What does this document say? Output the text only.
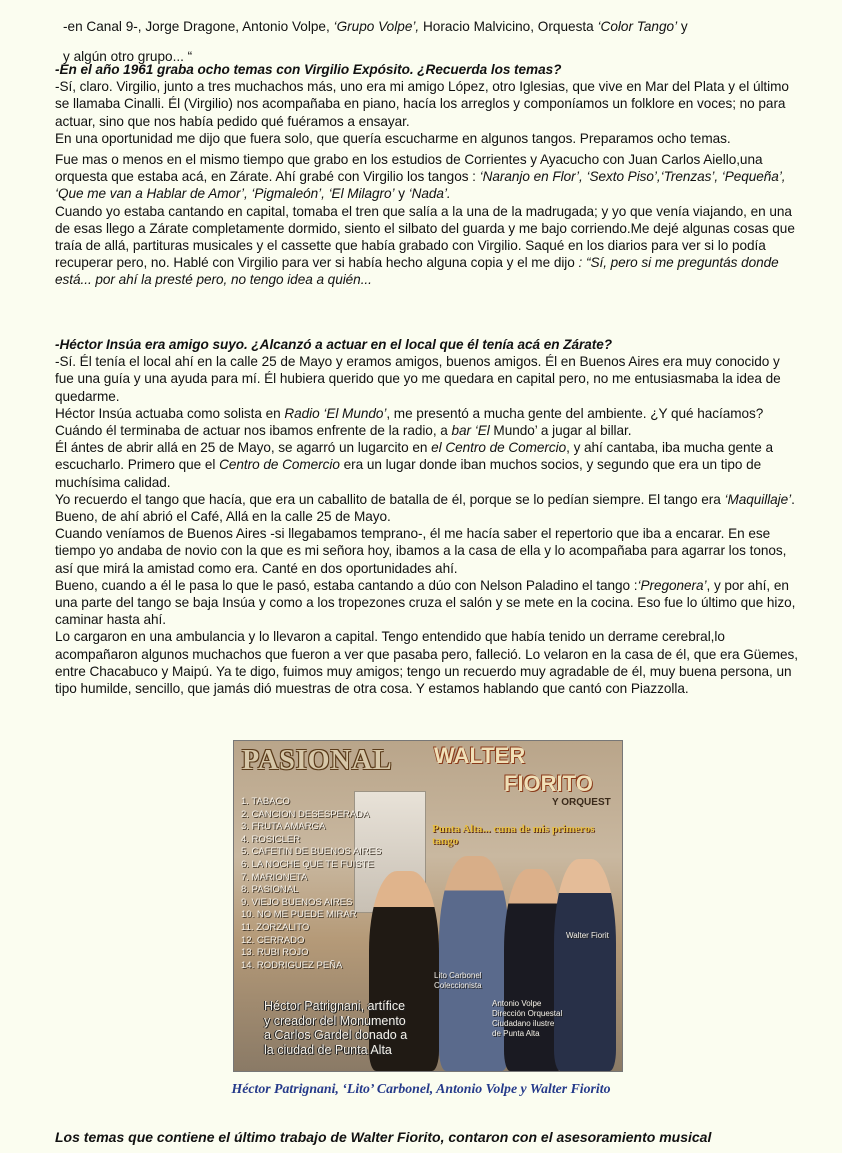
-en Canal 9-, Jorge Dragone, Antonio Volpe, ‘Grupo Volpe’, Horacio Malvicino, Orquesta ‘Color Tango’ y

y algún otro grupo... “

-En el año 1961 graba ocho temas con Virgilio Expósito. ¿Recuerda los temas?

-Sí, claro. Virgilio, junto a tres muchachos más, uno era mi amigo López, otro Iglesias, que vive en Mar del Plata y el último se llamaba Cinalli. Él (Virgilio) nos acompañaba en piano, hacía los arreglos y componíamos un folklore en voces; no para actuar, sino que nos había pedido qué fuéramos a ensayar.

En una oportunidad me dijo que fuera solo, que quería escucharme en algunos tangos. Preparamos ocho temas.

Fue mas o menos en el mismo tiempo que grabo en los estudios de Corrientes y Ayacucho con Juan Carlos Aiello,una orquesta que estaba acá, en Zárate. Ahí grabé con Virgilio los tangos : ‘Naranjo en Flor’, ‘Sexto Piso’,‘Trenzas’, ‘Pequeña’, ‘Que me van a Hablar de Amor’, ‘Pigmaleón’, ‘El Milagro’ y ‘Nada’.

Cuando yo estaba cantando en capital, tomaba el tren que salía a la una de la madrugada; y yo que venía viajando, en una de esas llego a Zárate completamente dormido, siento el silbato del guarda y me bajo corriendo.Me dejé algunas cosas que traía de allá, partituras musicales y el cassette que había grabado con Virgilio. Saqué en los diarios para ver si lo podía recuperar pero, no. Hablé con Virgilio para ver si había hecho alguna copia y el me dijo : “Sí, pero si me preguntás donde está... por ahí la presté pero, no tengo idea a quién...

-Héctor Insúa era amigo suyo. ¿Alcanzó a actuar en el local que él tenía acá en Zárate?

-Sí. Él tenía el local ahí en la calle 25 de Mayo y eramos amigos, buenos amigos. Él en Buenos Aires era muy conocido y fue una guía y una ayuda para mí. Él hubiera querido que yo me quedara en capital pero, no me entusiasmaba la idea de quedarme.

Héctor Insúa actuaba como solista en Radio ‘El Mundo’, me presentó a mucha gente del ambiente. ¿Y qué hacíamos? Cuándo él terminaba de actuar nos ibamos enfrente de la radio, a bar ‘El Mundo’ a jugar al billar.

Él ántes de abrir allá en 25 de Mayo, se agarró un lugarcito en el Centro de Comercio, y ahí cantaba, iba mucha gente a escucharlo. Primero que el Centro de Comercio era un lugar donde iban muchos socios, y segundo que era un tipo de muchísima calidad.

Yo recuerdo el tango que hacía, que era un caballito de batalla de él, porque se lo pedían siempre. El tango era ‘Maquillaje’. Bueno, de ahí abrió el Café, Allá en la calle 25 de Mayo.

Cuando veníamos de Buenos Aires -si llegabamos temprano-, él me hacía saber el repertorio que iba a encarar. En ese tiempo yo andaba de novio con la que es mi señora hoy, ibamos a la casa de ella y lo acompañaba para agarrar los tonos, así que mirá la amistad como era. Canté en dos oportunidades ahí.

Bueno, cuando a él le pasa lo que le pasó, estaba cantando a dúo con Nelson Paladino el tango :‘Pregonera’, y por ahí, en una parte del tango se baja Insúa y como a los tropezones cruza el salón y se mete en la cocina. Eso fue lo último que hizo, caminar hasta ahí.

Lo cargaron en una ambulancia y lo llevaron a capital. Tengo entendido que había tenido un derrame cerebral,lo acompañaron algunos muchachos que fueron a ver que pasaba pero, falleció. Lo velaron en la casa de él, que era Güemes, entre Chacabuco y Maipú. Ya te digo, fuimos muy amigos; tengo un recuerdo muy agradable de él, muy buena persona, un tipo humilde, sencillo, que jamás dió muestras de otra cosa. Y estamos hablando que cantó con Piazzolla.

PASIONAL WALTER
FIORITO
Y ORQUEST
Punta Alta... cuna de mis primeros tango
1. TABACO
2. CANCION DESESPERADA
3. FRUTA AMARGA
4. ROSICLER
5. CAFETIN DE BUENOS AIRES
6. LA NOCHE QUE TE FUISTE
7. MARIONETA
8. PASIONAL
9. VIEJO BUENOS AIRES
10. NO ME PUEDE MIRAR
11. ZORZALITO
12. CERRADO
13. RUBI ROJO
14. RODRIGUEZ PEÑA
Walter Fiorit
Lito Carbonel
Coleccionista
Antonio Volpe
Dirección Orquestal
Ciudadano ilustre
de Punta Alta
Héctor Patrignani, artífice
y creador del Monumento
a Carlos Gardel donado a
la ciudad de Punta Alta
Héctor Patrignani, ‘Lito’ Carbonel, Antonio Volpe y Walter Fiorito
Los temas que contiene el último trabajo de Walter Fiorito, contaron con el asesoramiento musical
